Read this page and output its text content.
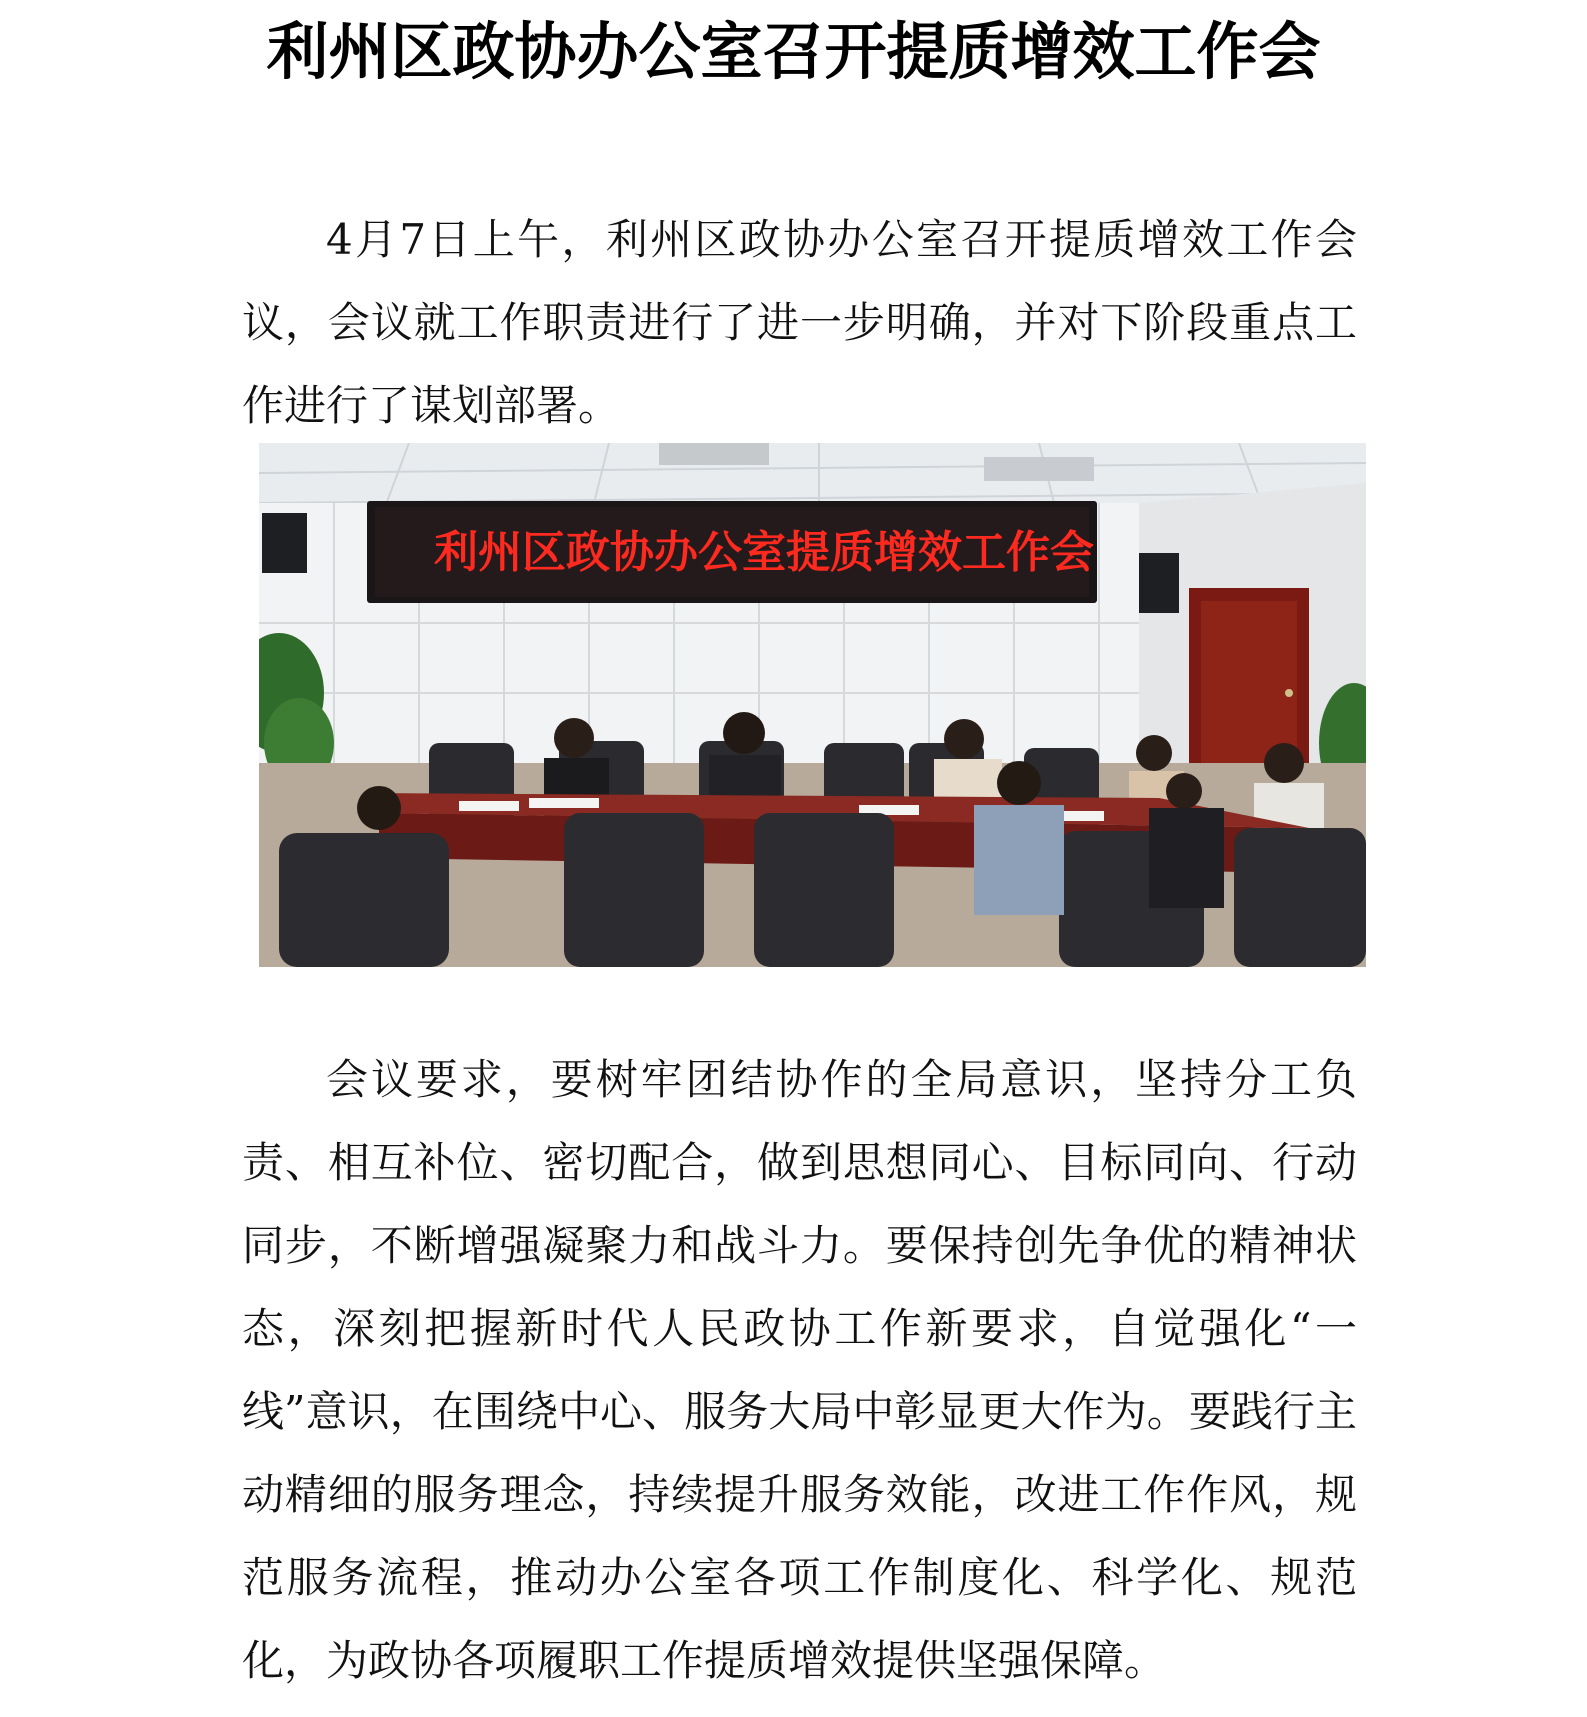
利州区政协办公室召开提质增效工作会

4月7日上午，利州区政协办公室召开提质增效工作会议，会议就工作职责进行了进一步明确，并对下阶段重点工作进行了谋划部署。

利州区政协办公室提质增效工作会

会议要求，要树牢团结协作的全局意识，坚持分工负责、相互补位、密切配合，做到思想同心、目标同向、行动同步，不断增强凝聚力和战斗力。要保持创先争优的精神状态，深刻把握新时代人民政协工作新要求，自觉强化“一线”意识，在围绕中心、服务大局中彰显更大作为。要践行主动精细的服务理念，持续提升服务效能，改进工作作风，规范服务流程，推动办公室各项工作制度化、科学化、规范化，为政协各项履职工作提质增效提供坚强保障。
